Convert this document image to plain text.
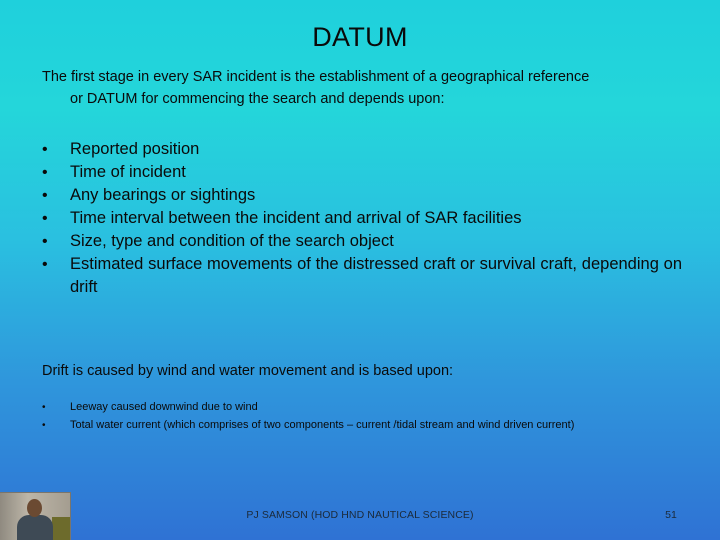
DATUM
The first stage in every SAR incident is the establishment of a geographical reference
or DATUM for commencing the search and depends upon:
•	Reported position
•	Time of incident
•	Any bearings or sightings
•	Time interval between the incident and arrival of SAR facilities
•	Size, type and condition of the search object
•	Estimated surface movements of the distressed craft or survival craft, depending on drift
Drift is caused by wind and water movement and is based upon:
•	Leeway caused downwind due to wind
•	Total water current (which comprises of two components – current /tidal stream and wind driven current)
PJ SAMSON (HOD HND NAUTICAL SCIENCE)	51
